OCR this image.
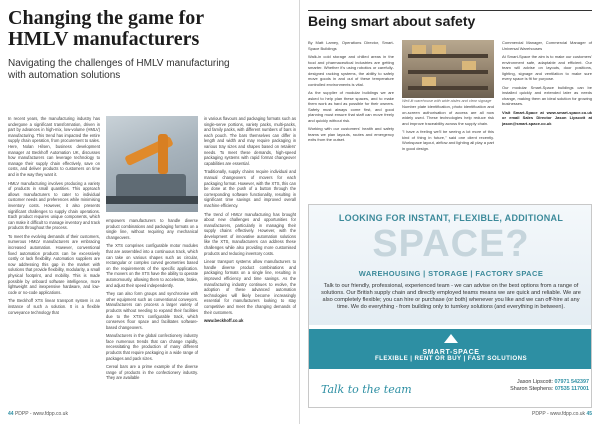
Changing the game for HMLV manufacturers
Navigating the challenges of HMLV manufacturing with automation solutions

In recent years, the manufacturing industry has undergone a significant transformation, driven in part by advances in high-mix, low-volume (HMLV) manufacturing. This trend has impacted the entire supply chain operation, from procurement to sales. Here, Nolan Hilsen, business development manager at Beckhoff Automation UK, discusses how manufacturers can leverage technology to manage their supply chain effectively, save on costs, and deliver products to customers on time and in the way they want it.

HMLV manufacturing involves producing a variety of products in small quantities. This approach allows manufacturers to cater to individual customer needs and preferences while minimising inventory costs. However, it also presents significant challenges to supply chain operations. Each product requires unique components, which can make it difficult to manage inventory and track products throughout the process.

To meet the evolving demands of their customers, numerous HMLV manufacturers are embracing increased automation. However, conventional fixed automation products can be excessively costly or lack flexibility. Automation suppliers are now addressing this gap in the market with solutions that provide flexibility, modularity, a small physical footprint, and mobility. This is made possible by onboard software intelligence, more lightweight and inexpensive hardware, and low-code or no-code applications.

The Beckhoff XTS linear transport system is an instance of such a solution. It is a flexible conveyance technology that

empowers manufacturers to handle diverse product combinations and packaging formats on a single line, without requiring any mechanical changeovers.

The XTS comprises configurable motor modules that are assembled into a continuous track, which can take on various shapes such as circular, rectangular or complex curved geometries based on the requirements of the specific application. The movers on the XTS have the ability to operate autonomously, allowing them to accelerate, brake, and adjust their speed independently.

They can also form groups and synchronise with other equipment such as conventional conveyors. Manufacturers can process a larger variety of products without needing to expand their facilities due to the XTS's configurable track, which conserves floor space and facilitates software-based changeovers.

Manufacturers in the global confectionery industry face numerous trends that can change rapidly, necessitating the production of many different products that require packaging in a wide range of packages and pack sizes.

Cereal bars are a prime example of the diverse range of products in the confectionery industry. They are available

in various flavours and packaging formats such as single-serve portions, variety packs, multi-packs, and family packs, with different numbers of bars in each pouch. The bars themselves can differ in length and width and may require packaging in various tray sizes and shapes based on retailers' needs. To meet these demands, high-speed packaging systems with rapid format changeover capabilities are essential.

Traditionally, supply chains require individual and manual changeovers of movers for each packaging format. However, with the XTS, this can be done at the push of a button through the corresponding software functionality, resulting in significant time savings and improved overall machine efficiency.

The trend of HMLV manufacturing has brought about new challenges and opportunities for manufacturers, particularly in managing their supply chains effectively. However, with the development of innovative automation solutions like the XTS, manufacturers can address these challenges while also providing more customised products and reducing inventory costs.

Linear transport systems allow manufacturers to handle diverse product combinations and packaging formats on a single line, resulting in improved efficiency and time savings. As the manufacturing industry continues to evolve, the adoption of these advanced automation technologies will likely become increasingly essential for manufacturers looking to stay competitive and meet the changing demands of their customers.

www.beckhoff.co.uk

44 PDPP - www.fdpp.co.uk
Being smart about safety

By Matt Lamey, Operations Director, Smart-Space Buildings

Walk-in cold storage and chilled areas in the food and pharmaceutical industries are getting smarter. Whether it's using robotics or carefully-designed racking systems, the ability to safely move goods in and out of these temperature controlled environments is vital.

As the supplier of modular buildings we are asked to help plan these spaces, and to make them work as hard as possible for their owners. Safety must always come first, and good planning must ensure that staff can move freely and quickly without risk.

Working with our customers' health and safety teams we plan layouts, routes and emergency exits from the outset.

Well-lit warehouse with wide aisles and clear signage

Number plate identification, photo identification and on-screen authorisation of access are all now widely used. These technologies help reduce risk and improve traceability across the supply chain.

"I have a feeling we'll be seeing a lot more of this kind of thing in future," said one client recently. Workspace layout, airflow and lighting all play a part in good design.

Commercial Manager, Commercial Manager of Universal Warehouses

At Smart-Space the aim is to make our customers' environment safe, adaptable and efficient. Our team will advise on layouts, door positions, lighting, signage and ventilation to make sure every space is fit for purpose.

Our modular Smart-Space buildings can be installed quickly and extended later as needs change, making them an ideal solution for growing businesses.

Visit Smart-Space at www.smart-space.co.uk or email Sales Director Jason Lipscott at jason@smart-space.co.uk

LOOKING FOR INSTANT, FLEXIBLE, ADDITIONAL
SPACE?
WAREHOUSING | STORAGE | FACTORY SPACE
Talk to our friendly, professional, experienced team - we can advise on the best options from a range of solutions. Our British supply chain and directly employed teams means we are quick and reliable. We are also completely flexible; you can hire or purchase (or both) whenever you like and we can off-hire at any time. We do everything - from building only to turnkey solutions (and everything in between).
SMART-SPACE
FLEXIBLE | RENT OR BUY | FAST SOLUTIONS
Talk to the team
Jason Lipscott: 07971 542397
Sharon Stephens: 07535 117001
PDPP - www.fdpp.co.uk 45
